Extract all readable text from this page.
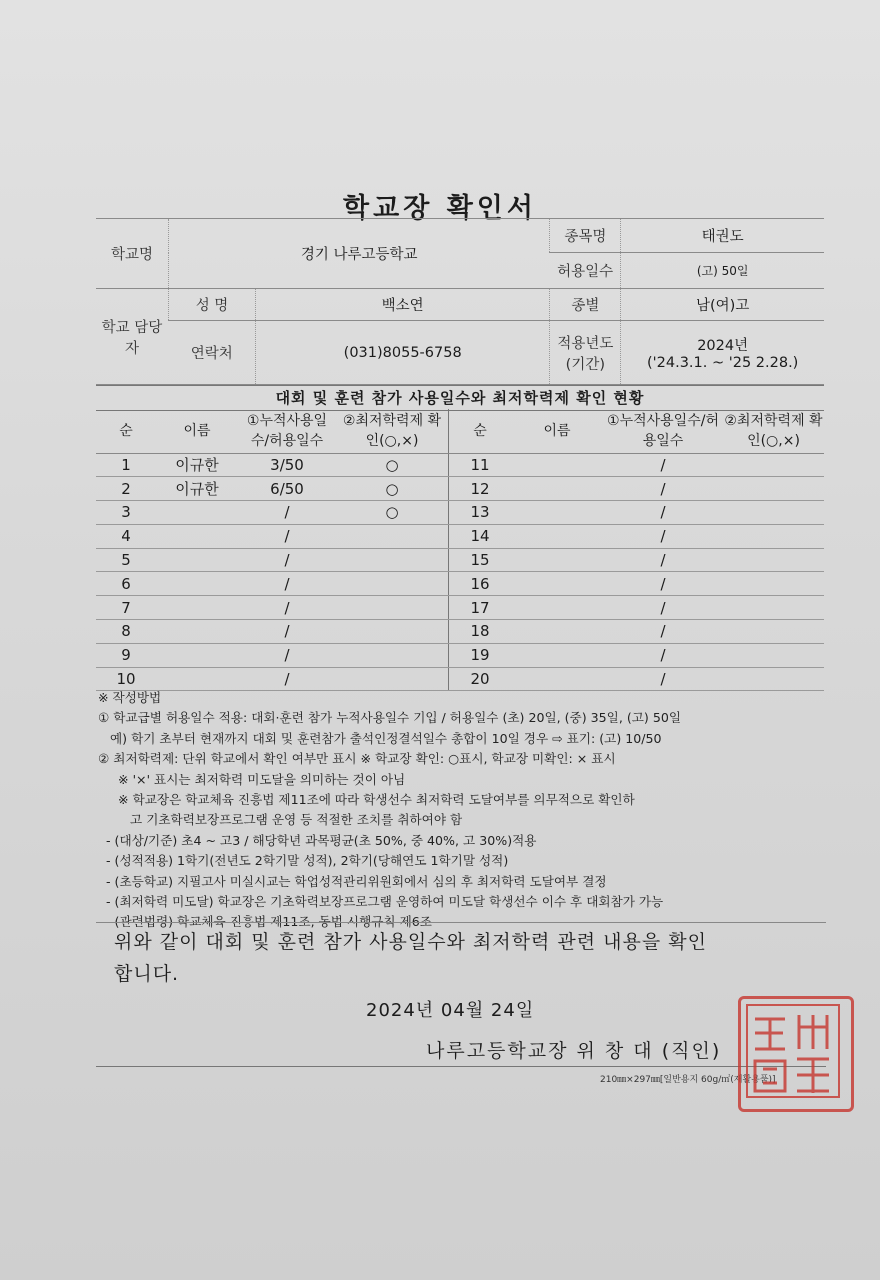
학교장 확인서
학교명	경기 나루고등학교		종목명	태권도
			허용일수	(고) 50일
학교 담당자	성 명	백소연	종별	남(여)고
	연락처	(031)8055-6758	적용년도 (기간)	2024년
('24.3.1. ~ '25 2.28.)
대회 및 훈련 참가 사용일수와 최저학력제 확인 현황
순	이름	①누적사용일수/허용일수	②최저학력제 확인(○,×)	순	이름	①누적사용일수/허용일수	②최저학력제 확인(○,×)
1	이규한	3/50	○	11		/	
2	이규한	6/50	○	12		/	
3		/	○	13		/	
4		/		14		/	
5		/		15		/	
6		/		16		/	
7		/		17		/	
8		/		18		/	
9		/		19		/	
10		/		20		/	
※ 작성방법
① 학교급별 허용일수 적용: 대회·훈련 참가 누적사용일수 기입 / 허용일수 (초) 20일, (중) 35일, (고) 50일
예) 학기 초부터 현재까지 대회 및 훈련참가 출석인정결석일수 총합이 10일 경우 ⇨ 표기: (고) 10/50
② 최저학력제: 단위 학교에서 확인 여부만 표시 ※ 학교장 확인: ○표시, 학교장 미확인: × 표시
※ '×' 표시는 최저학력 미도달을 의미하는 것이 아님
※ 학교장은 학교체육 진흥법 제11조에 따라 학생선수 최저학력 도달여부를 의무적으로 확인하
고 기초학력보장프로그램 운영 등 적절한 조치를 취하여야 함
- (대상/기준) 초4 ~ 고3 / 해당학년 과목평균(초 50%, 중 40%, 고 30%)적용
- (성적적용) 1학기(전년도 2학기말 성적), 2학기(당해연도 1학기말 성적)
- (초등학교) 지필고사 미실시교는 학업성적관리위원회에서 심의 후 최저학력 도달여부 결정
- (최저학력 미도달) 학교장은 기초학력보장프로그램 운영하여 미도달 학생선수 이수 후 대회참가 가능
- (관련법령) 학교체육 진흥법 제11조, 동법 시행규칙 제6조
위와 같이 대회 및 훈련 참가 사용일수와 최저학력 관련 내용을 확인
합니다.
2024년 04월 24일
나루고등학교장 위 창 대 (직인)
210㎜×297㎜[일반용지 60g/㎡(재활용품)]
